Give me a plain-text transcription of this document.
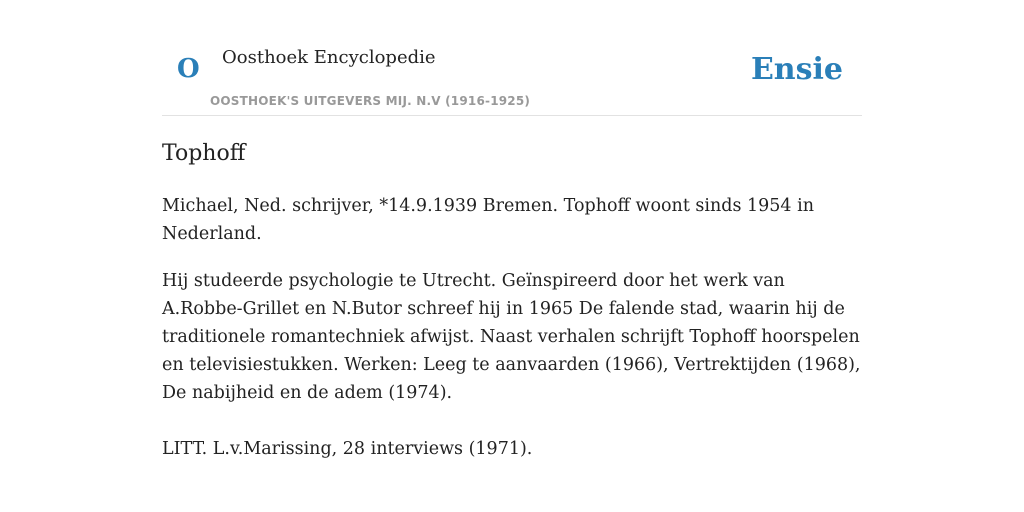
O Oosthoek Encyclopedie
OOSTHOEK'S UITGEVERS MIJ. N.V (1916-1925)
Ensie
Tophoff

Michael, Ned. schrijver, *14.9.1939 Bremen. Tophoff woont sinds 1954 in Nederland.

Hij studeerde psychologie te Utrecht. Geïnspireerd door het werk van A.Robbe-Grillet en N.Butor schreef hij in 1965 De falende stad, waarin hij de traditionele romantechniek afwijst. Naast verhalen schrijft Tophoff hoorspelen en televisiestukken. Werken: Leeg te aanvaarden (1966), Vertrektijden (1968), De nabijheid en de adem (1974).

LITT. L.v.Marissing, 28 interviews (1971).
